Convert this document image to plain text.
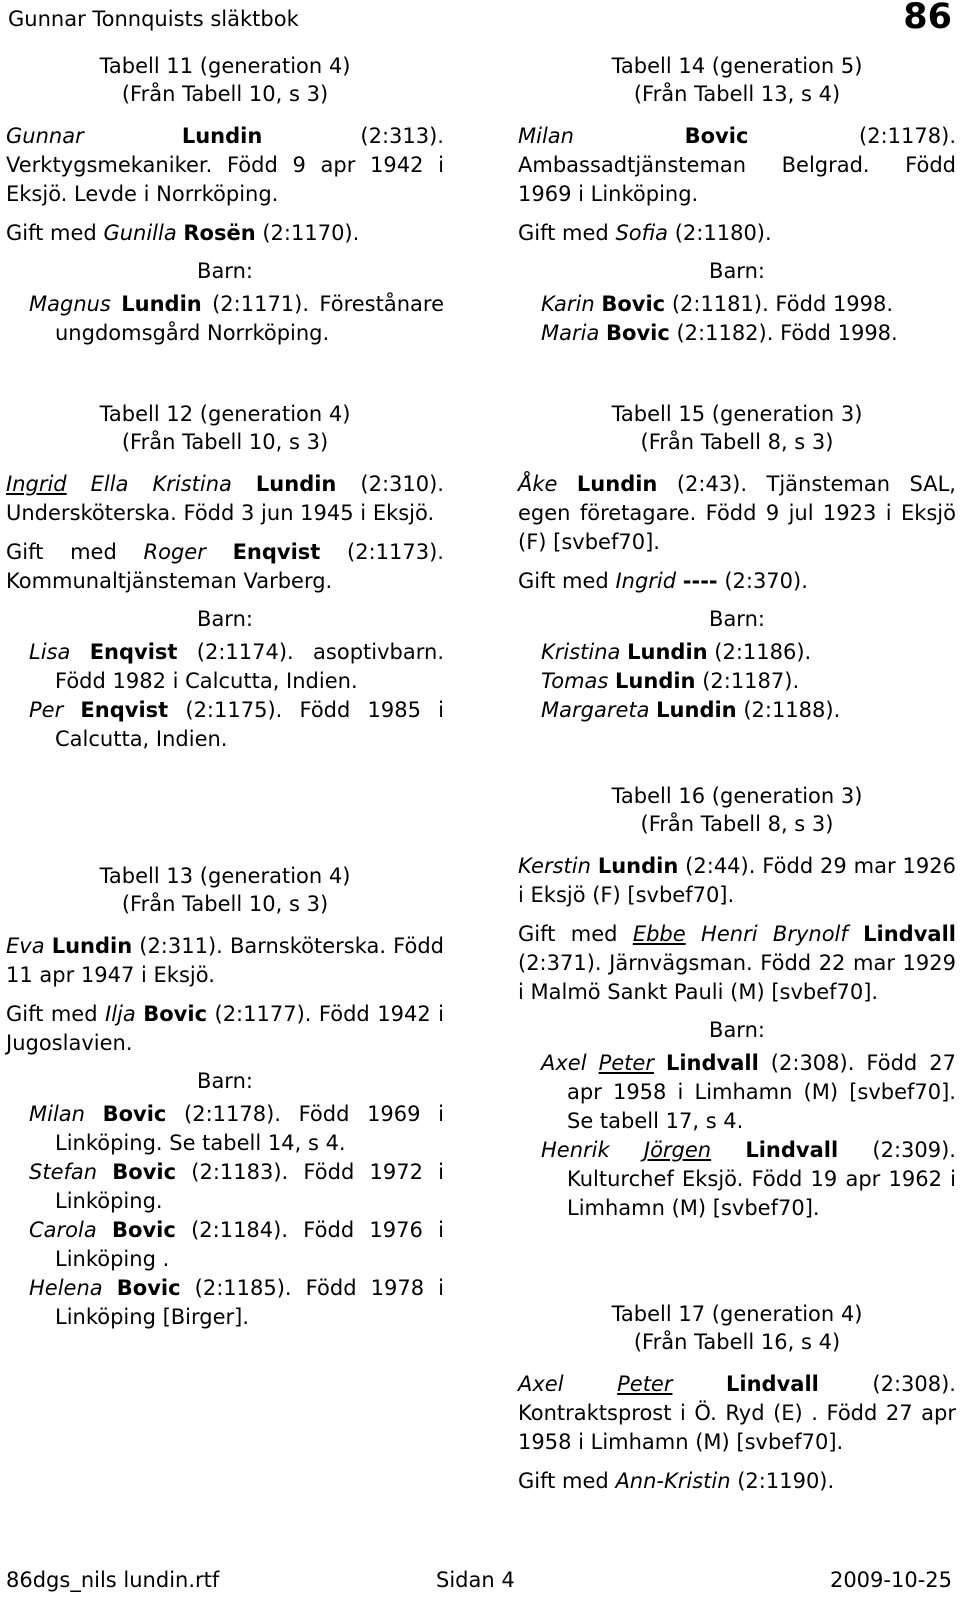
Gunnar Tonnquists släktbok	86
Tabell 11 (generation 4)
(Från Tabell 10, s 3)
Gunnar	Lundin (2:313). Verktygsmekaniker. Född 9 apr 1942 i Eksjö. Levde i Norrköping.
Gift med Gunilla Rosën (2:1170).
Barn:
Magnus Lundin (2:1171). Förestånare ungdomsgård Norrköping.
Tabell 12 (generation 4)
(Från Tabell 10, s 3)
Ingrid Ella Kristina Lundin (2:310). Undersköterska. Född 3 jun 1945 i Eksjö.
Gift med Roger Enqvist (2:1173). Kommunaltjänsteman Varberg.
Barn:
Lisa Enqvist (2:1174). asoptivbarn. Född 1982 i Calcutta, Indien.
Per Enqvist (2:1175). Född 1985 i Calcutta, Indien.
Tabell 13 (generation 4)
(Från Tabell 10, s 3)
Eva Lundin (2:311). Barnsköterska. Född 11 apr 1947 i Eksjö.
Gift med Ilja Bovic (2:1177). Född 1942 i Jugoslavien.
Barn:
Milan Bovic (2:1178). Född 1969 i Linköping. Se tabell 14, s 4.
Stefan Bovic (2:1183). Född 1972 i Linköping.
Carola Bovic (2:1184). Född 1976 i Linköping .
Helena Bovic (2:1185). Född 1978 i Linköping [Birger].
Tabell 14 (generation 5)
(Från Tabell 13, s 4)
Milan	Bovic (2:1178). Ambassadtjänsteman Belgrad. Född 1969 i Linköping.
Gift med Sofia (2:1180).
Barn:
Karin Bovic (2:1181). Född 1998.
Maria Bovic (2:1182). Född 1998.
Tabell 15 (generation 3)
(Från Tabell 8, s 3)
Åke Lundin (2:43). Tjänsteman SAL, egen företagare. Född 9 jul 1923 i Eksjö (F) [svbef70].
Gift med Ingrid ---- (2:370).
Barn:
Kristina Lundin (2:1186).
Tomas Lundin (2:1187).
Margareta Lundin (2:1188).
Tabell 16 (generation 3)
(Från Tabell 8, s 3)
Kerstin Lundin (2:44). Född 29 mar 1926 i Eksjö (F) [svbef70].
Gift med Ebbe Henri Brynolf Lindvall (2:371). Järnvägsman. Född 22 mar 1929 i Malmö Sankt Pauli (M) [svbef70].
Barn:
Axel Peter Lindvall (2:308). Född 27 apr 1958 i Limhamn (M) [svbef70]. Se tabell 17, s 4.
Henrik Jörgen Lindvall (2:309). Kulturchef Eksjö. Född 19 apr 1962 i Limhamn (M) [svbef70].
Tabell 17 (generation 4)
(Från Tabell 16, s 4)
Axel	Peter	Lindvall (2:308). Kontraktsprost i Ö. Ryd (E) . Född 27 apr 1958 i Limhamn (M) [svbef70].
Gift med Ann-Kristin (2:1190).
86dgs_nils lundin.rtf	Sidan 4	2009-10-25
